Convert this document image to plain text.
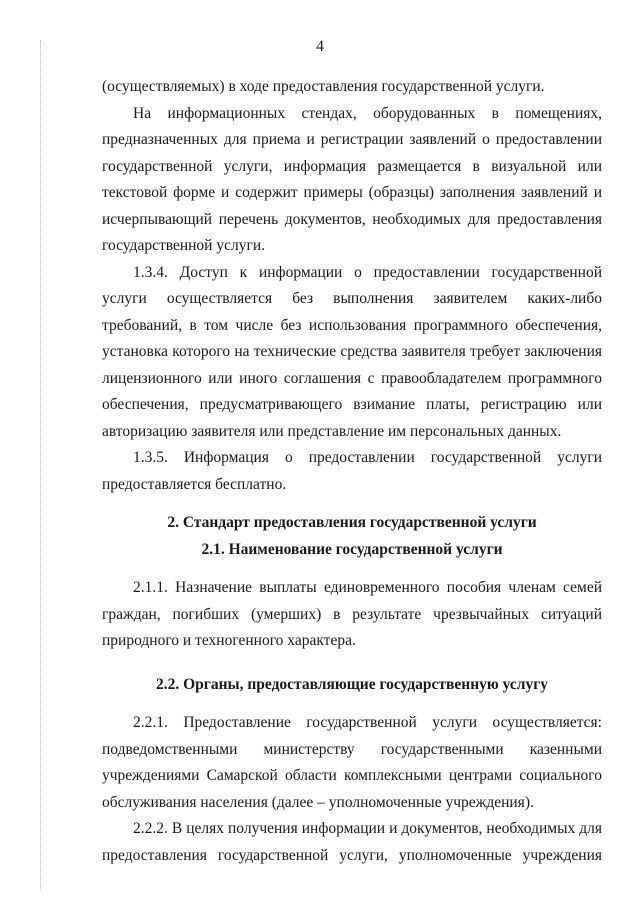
4

(осуществляемых) в ходе предоставления государственной услуги.

На информационных стендах, оборудованных в помещениях, предназначенных для приема и регистрации заявлений о предоставлении государственной услуги, информация размещается в визуальной или текстовой форме и содержит примеры (образцы) заполнения заявлений и исчерпывающий перечень документов, необходимых для предоставления государственной услуги.

1.3.4. Доступ к информации о предоставлении государственной услуги осуществляется без выполнения заявителем каких-либо требований, в том числе без использования программного обеспечения, установка которого на технические средства заявителя требует заключения лицензионного или иного соглашения с правообладателем программного обеспечения, предусматривающего взимание платы, регистрацию или авторизацию заявителя или представление им персональных данных.

1.3.5. Информация о предоставлении государственной услуги предоставляется бесплатно.

2. Стандарт предоставления государственной услуги

2.1. Наименование государственной услуги

2.1.1. Назначение выплаты единовременного пособия членам семей граждан, погибших (умерших) в результате чрезвычайных ситуаций природного и техногенного характера.

2.2. Органы, предоставляющие государственную услугу

2.2.1. Предоставление государственной услуги осуществляется: подведомственными министерству государственными казенными учреждениями Самарской области комплексными центрами социального обслуживания населения (далее – уполномоченные учреждения).

2.2.2. В целях получения информации и документов, необходимых для предоставления государственной услуги, уполномоченные учреждения
